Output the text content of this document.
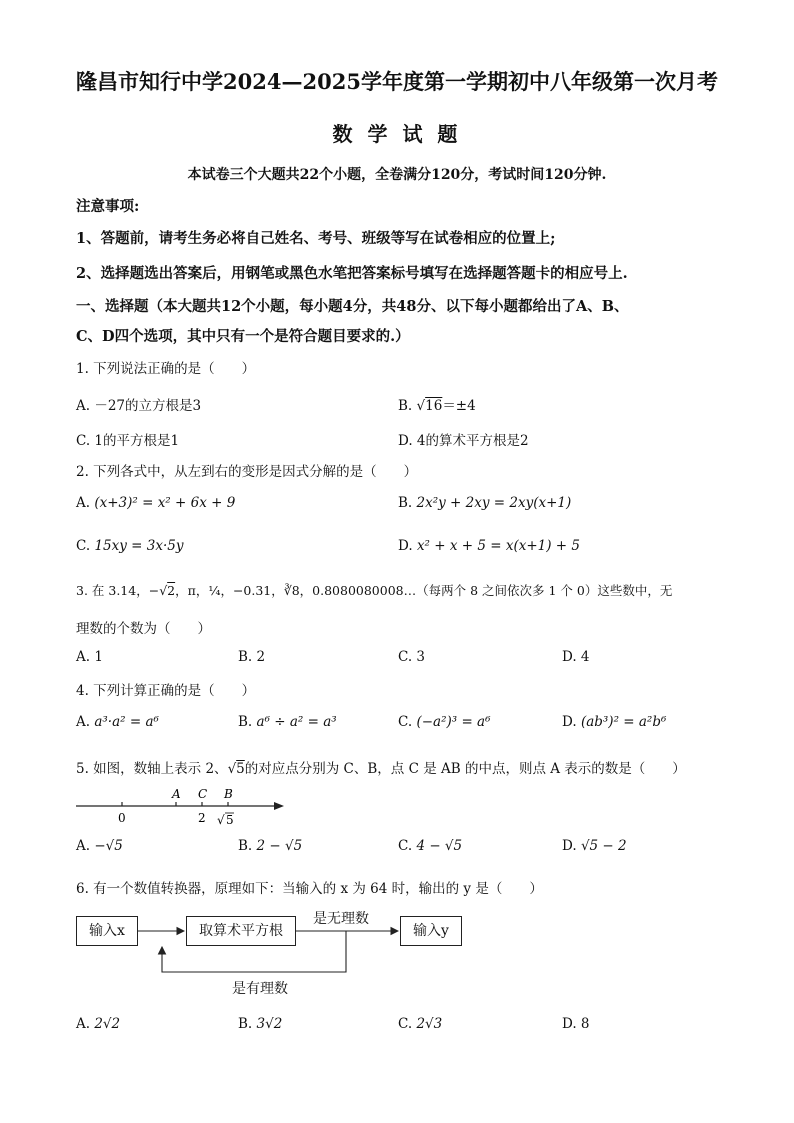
隆昌市知行中学2024—2025学年度第一学期初中八年级第一次月考
数 学 试 题
本试卷三个大题共22个小题，全卷满分120分，考试时间120分钟.
注意事项:
1、答题前，请考生务必将自己姓名、考号、班级等写在试卷相应的位置上;
2、选择题选出答案后，用钢笔或黑色水笔把答案标号填写在选择题答题卡的相应号上.
一、选择题（本大题共12个小题，每小题4分，共48分、以下每小题都给出了A、B、
C、D四个选项，其中只有一个是符合题目要求的.）
1. 下列说法正确的是（　　）
A. －27的立方根是3	B. √16＝±4
C. 1的平方根是1	D. 4的算术平方根是2
2. 下列各式中，从左到右的变形是因式分解的是（　　）
A. (x+3)² = x² + 6x + 9	B. 2x²y + 2xy = 2xy(x+1)
C. 15xy = 3x·5y	D. x² + x + 5 = x(x+1) + 5
3. 在 3.14，−√2，π，¼，−0.31，∛8，0.8080080008…（每两个 8 之间依次多 1 个 0）这些数中，无
理数的个数为（　　）
A. 1	B. 2	C. 3	D. 4
4. 下列计算正确的是（　　）
A. a³·a² = a⁶	B. a⁶ ÷ a² = a³	C. (−a²)³ = a⁶	D. (ab³)² = a²b⁶
5. 如图，数轴上表示 2、√5的对应点分别为 C、B，点 C 是 AB 的中点，则点 A 表示的数是（　　）
A C B
0	2 √ 5
A. −√5	B. 2 − √5	C. 4 − √5	D. √5 − 2
6. 有一个数值转换器，原理如下：当输入的 x 为 64 时，输出的 y 是（　　）
输入x	取算术平方根	输入y
是无理数
是有理数
A. 2√2	B. 3√2	C. 2√3	D. 8
